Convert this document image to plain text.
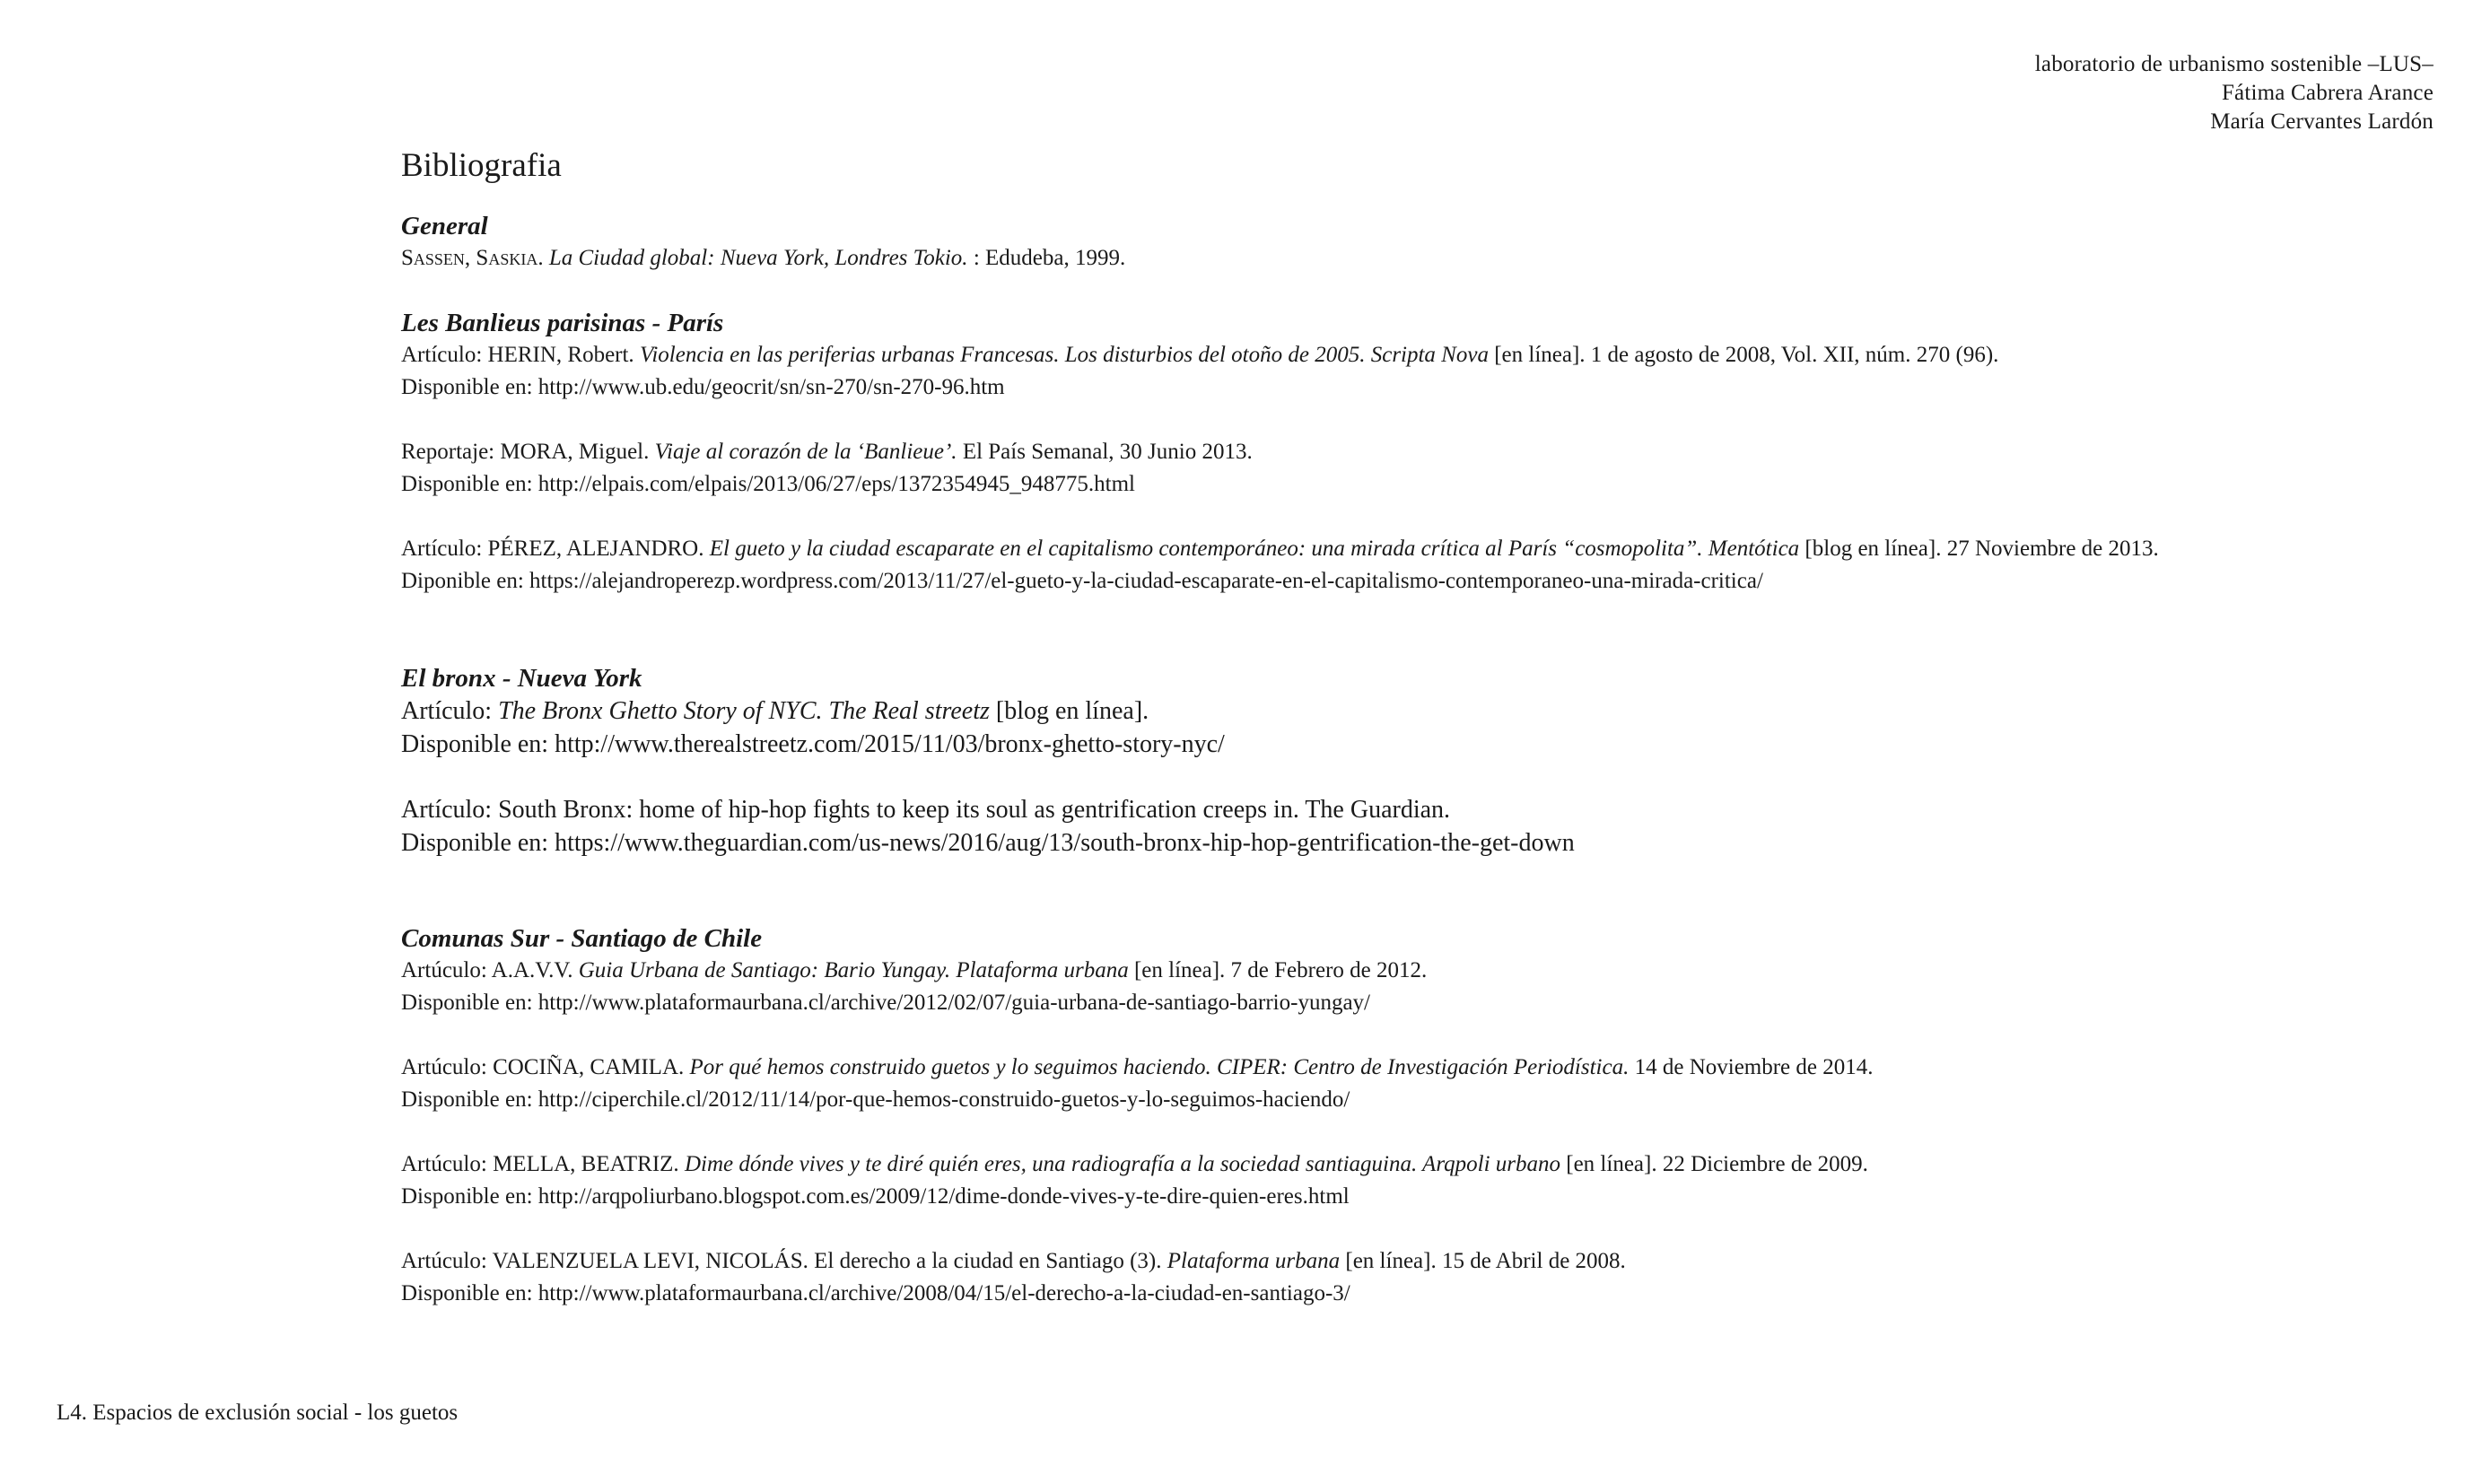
laboratorio de urbanismo sostenible –LUS–
Fátima Cabrera Arance
María Cervantes Lardón
Bibliografia

General

Sassen, Saskia. La Ciudad global: Nueva York, Londres Tokio. : Edudeba, 1999.

Les Banlieus parisinas - París

Artículo: HERIN, Robert. Violencia en las periferias urbanas Francesas. Los disturbios del otoño de 2005. Scripta Nova [en línea]. 1 de agosto de 2008, Vol. XII, núm. 270 (96).
Disponible en: http://www.ub.edu/geocrit/sn/sn-270/sn-270-96.htm

Reportaje: MORA, Miguel. Viaje al corazón de la ‘Banlieue’. El País Semanal, 30 Junio 2013.
Disponible en: http://elpais.com/elpais/2013/06/27/eps/1372354945_948775.html

Artículo: PÉREZ, ALEJANDRO. El gueto y la ciudad escaparate en el capitalismo contemporáneo: una mirada crítica al París “cosmopolita”. Mentótica [blog en línea]. 27 Noviembre de 2013.
Diponible en: https://alejandroperezp.wordpress.com/2013/11/27/el-gueto-y-la-ciudad-escaparate-en-el-capitalismo-contemporaneo-una-mirada-critica/

El bronx - Nueva York

Artículo: The Bronx Ghetto Story of NYC. The Real streetz [blog en línea].
Disponible en: http://www.therealstreetz.com/2015/11/03/bronx-ghetto-story-nyc/

Artículo: South Bronx: home of hip-hop fights to keep its soul as gentrification creeps in. The Guardian.
Disponible en: https://www.theguardian.com/us-news/2016/aug/13/south-bronx-hip-hop-gentrification-the-get-down

Comunas Sur - Santiago de Chile

Artúculo: A.A.V.V. Guia Urbana de Santiago: Bario Yungay. Plataforma urbana [en línea]. 7 de Febrero de 2012.
Disponible en: http://www.plataformaurbana.cl/archive/2012/02/07/guia-urbana-de-santiago-barrio-yungay/

Artúculo: COCIÑA, CAMILA. Por qué hemos construido guetos y lo seguimos haciendo. CIPER: Centro de Investigación Periodística. 14 de Noviembre de 2014.
Disponible en: http://ciperchile.cl/2012/11/14/por-que-hemos-construido-guetos-y-lo-seguimos-haciendo/

Artúculo: MELLA, BEATRIZ. Dime dónde vives y te diré quién eres, una radiografía a la sociedad santiaguina. Arqpoli urbano [en línea]. 22 Diciembre de 2009.
Disponible en: http://arqpoliurbano.blogspot.com.es/2009/12/dime-donde-vives-y-te-dire-quien-eres.html

Artúculo: VALENZUELA LEVI, NICOLÁS. El derecho a la ciudad en Santiago (3). Plataforma urbana [en línea]. 15 de Abril de 2008.
Disponible en: http://www.plataformaurbana.cl/archive/2008/04/15/el-derecho-a-la-ciudad-en-santiago-3/

L4. Espacios de exclusión social - los guetos
